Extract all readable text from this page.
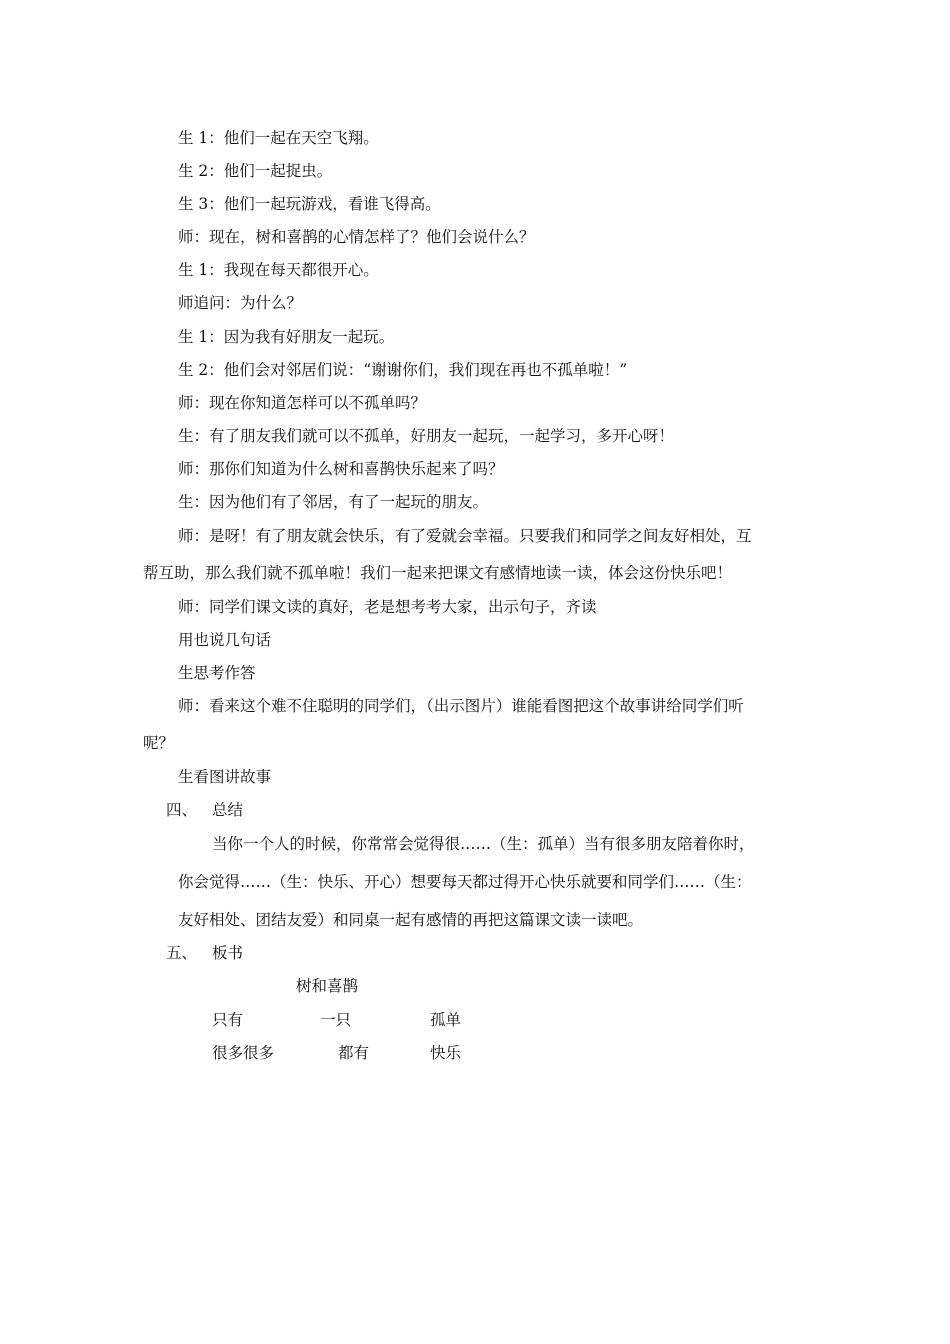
生 1：他们一起在天空飞翔。
生 2：他们一起捉虫。
生 3：他们一起玩游戏，看谁飞得高。
师：现在，树和喜鹊的心情怎样了？他们会说什么？
生 1：我现在每天都很开心。
师追问：为什么？
生 1：因为我有好朋友一起玩。
生 2：他们会对邻居们说：“谢谢你们，我们现在再也不孤单啦！”
师：现在你知道怎样可以不孤单吗？
生：有了朋友我们就可以不孤单，好朋友一起玩，一起学习，多开心呀！
师：那你们知道为什么树和喜鹊快乐起来了吗？
生：因为他们有了邻居，有了一起玩的朋友。
师：是呀！有了朋友就会快乐，有了爱就会幸福。只要我们和同学之间友好相处，互
帮互助，那么我们就不孤单啦！我们一起来把课文有感情地读一读，体会这份快乐吧！
师：同学们课文读的真好，老是想考考大家，出示句子，齐读
用也说几句话
生思考作答
师：看来这个难不住聪明的同学们，（出示图片）谁能看图把这个故事讲给同学们听
呢？
生看图讲故事
四、 总结
当你一个人的时候，你常常会觉得很……（生：孤单）当有很多朋友陪着你时，
你会觉得……（生：快乐、开心）想要每天都过得开心快乐就要和同学们……（生：
友好相处、团结友爱）和同桌一起有感情的再把这篇课文读一读吧。
五、 板书
树和喜鹊
只有	一只	孤单
很多很多	都有	快乐
